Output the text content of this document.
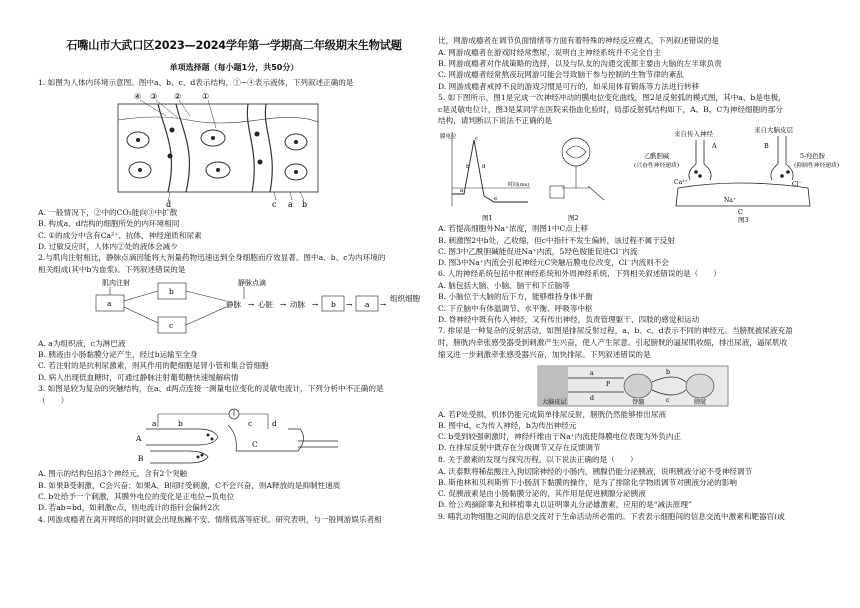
石嘴山市大武口区2023—2024学年第一学期高二年级期末生物试题
单项选择题（每小题1分，共50分）

1. 如图为人体内环境示意图。图中a、b、c、d表示结构，①~④表示液体，下列叙述正确的是

④ ③ ②	①
a b
c
d

A. 一般情况下，②中的CO₂能向③中扩散

B. 构成a、d结构的细胞所处的内环境相同

C. ①的成分中含有Ca²⁺、抗体、神经递质和尿素

D. 过敏反应时，人体内②处的液体会减少

2.与肌肉注射相比，静脉点滴因能将大剂量药物迅速送到全身细胞而疗效显著。图中a、b、c为内环境的

相关组成(其中b为血浆)。下列叙述错误的是

肌肉注射
a
b
c
静脉点滴
静脉 → 心脏 → 动脉 → b → a →
组织细胞

A. a为组织液，c为淋巴液

B. 胰液由小肠黏膜分泌产生，经过b运输至全身

C. 若注射的是抗利尿激素，则其作用的靶细胞是肾小管和集合管细胞

D. 病人出现低血糖时，可通过静脉注射葡萄糖快速缓解病情

3. 如图是较为复杂的突触结构，在a、d两点连接一测量电位变化的灵敏电流计，下列分析中不正确的是

（　　）

a	b	c	d
A
B
C

A. 图示的结构包括3个神经元，含有2个突触

B. 如果B受刺激，C会兴奋；如果A、B同时受刺激，C不会兴奋，则A释放的是抑制性递质

C. b处给予一个刺激，其膜外电位的变化是正电位→负电位

D. 若ab=bd，如刺激c点，则电流计的指针会偏转2次

4. 网游成瘾者在离开网络的同时就会出现焦躁不安、情绪低落等症状。研究表明，与一般网游娱乐者相

比，网游成瘾者在调节负面情绪等方面有着特殊的神经反应模式。下列叙述错误的是

A. 网游成瘾者在游戏时经常憋尿，说明自主神经系统并不完全自主

B. 网游成瘾者对作战策略的选择，以及与队友的沟通交流都主要由大脑的左半球负责

C. 网游成瘾者经常熬夜玩网游可能会导致脑干参与控制的生物节律的紊乱

D. 网游成瘾者戒掉不良的游戏习惯是可行的，如采用体育锻炼等方法进行转移

5. 如下图所示，图1是完成一次神经冲动的膜电位变化曲线，图2是反射弧的模式图，其中a、b是电极，

c是灵敏电位计，图3是某同学在医院采指血化验时，局部反射弧结构如下，A、B、C为神经细胞的部分

结构，请判断以下说法不正确的是

膜电位
时间(ms)
a
b
c
d
e
图1	图2
来自传入神经	来自大脑皮层
乙酰胆碱
(兴奋性神经递质)
5-羟色胺
(抑制性神经递质)
Ca²⁺
Na⁺
Cl⁻
A	B
C
图3

A. 若提高细胞外Na⁺浓度，则图1中C点上移

B. 刺激图2中b处，乙收缩，但c中指针不发生偏转，该过程不属于反射

C. 图3中乙酰胆碱能促进Na⁺内流，5羟色胺能促进Cl⁻内流

D. 图3中Na⁺内流会引起神经元C突触后膜电位改变，Cl⁻内流则不会

6. 人的神经系统包括中枢神经系统和外周神经系统，下列相关叙述错误的是（　　）

A. 脑包括大脑、小脑、脑干和下丘脑等

B. 小脑位于大脑的后下方，能够维持身体平衡

C. 下丘脑中有体温调节、水平衡、呼吸等中枢

D. 脊神经中既有传入神经，又有传出神经，负责管理躯干、四肢的感觉和运动

7. 排尿是一种复杂的反射活动，如图是排尿反射过程，a、b、c、d表示不同的神经元。当膀胱被尿液充盈

时，膀胱内牵张感受器受到刺激产生兴奋，使人产生尿意。引起膀胱的逼尿肌收缩，排出尿液，逼尿肌收

缩又进一步刺激牵张感受器兴奋，加快排尿。下列叙述错误的是

大脑皮层	脊髓	膀胱
a	b
c
d
P

A. 若P处受损，机体仍能完成简单排尿反射，膀胱仍然能够排出尿液

B. 图中d、c为传入神经，b为传出神经元

C. b受到较强刺激时，神经纤维由于Na⁺内流使得膜电位表现为外负内正

D. 在排尿反射中既存在分级调节又存在反馈调节

8. 关于激素的发现与探究历程，以下说法正确的是（　　）

A. 沃泰默将稀盐酸注入狗切除神经的小肠内，胰腺仍能分泌胰液，说明胰液分泌不受神经调节

B. 斯他林和贝利斯剪下小肠刮下黏膜的操作，是为了排除化学物质调节对胰液分泌的影响

C. 促胰液素是由小肠黏膜分泌的，其作用是促进胰腺分泌胰液

D. 给公鸡摘除睾丸和移植睾丸以证明睾丸分泌雄激素，应用的是“减法原理”

9. 哺乳动物细胞之间的信息交流对于生命活动所必需的。下表表示细胞间的信息交流中激素和靶器官(或
